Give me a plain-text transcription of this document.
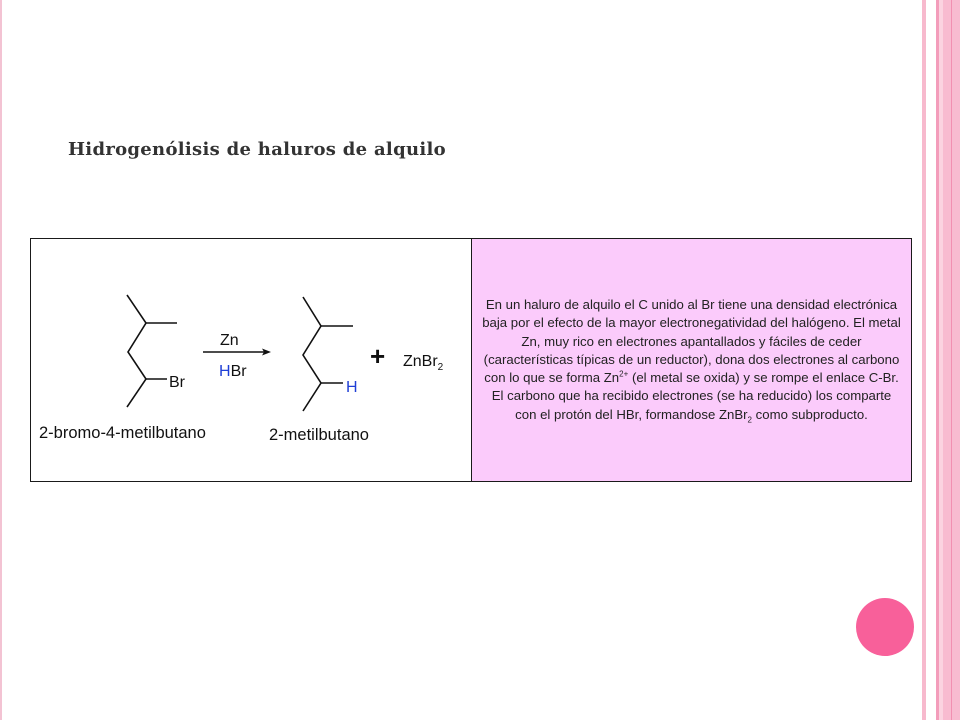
Hidrogenólisis de haluros de alquilo
Br
2-bromo-4-metilbutano
Zn
HBr
H
2-metilbutano
+ ZnBr$_2$

En un haluro de alquilo el C unido al Br tiene una densidad electrónica baja por el efecto de la mayor electronegatividad del halógeno. El metal Zn, muy rico en electrones apantallados y fáciles de ceder (características típicas de un reductor), dona dos electrones al carbono con lo que se forma $Zn^{2+}$ (el metal se oxida) y se rompe el enlace C-Br. El carbono que ha recibido electrones (se ha reducido) los comparte con el protón del HBr, formandose ZnBr$_2$ como subproducto.
